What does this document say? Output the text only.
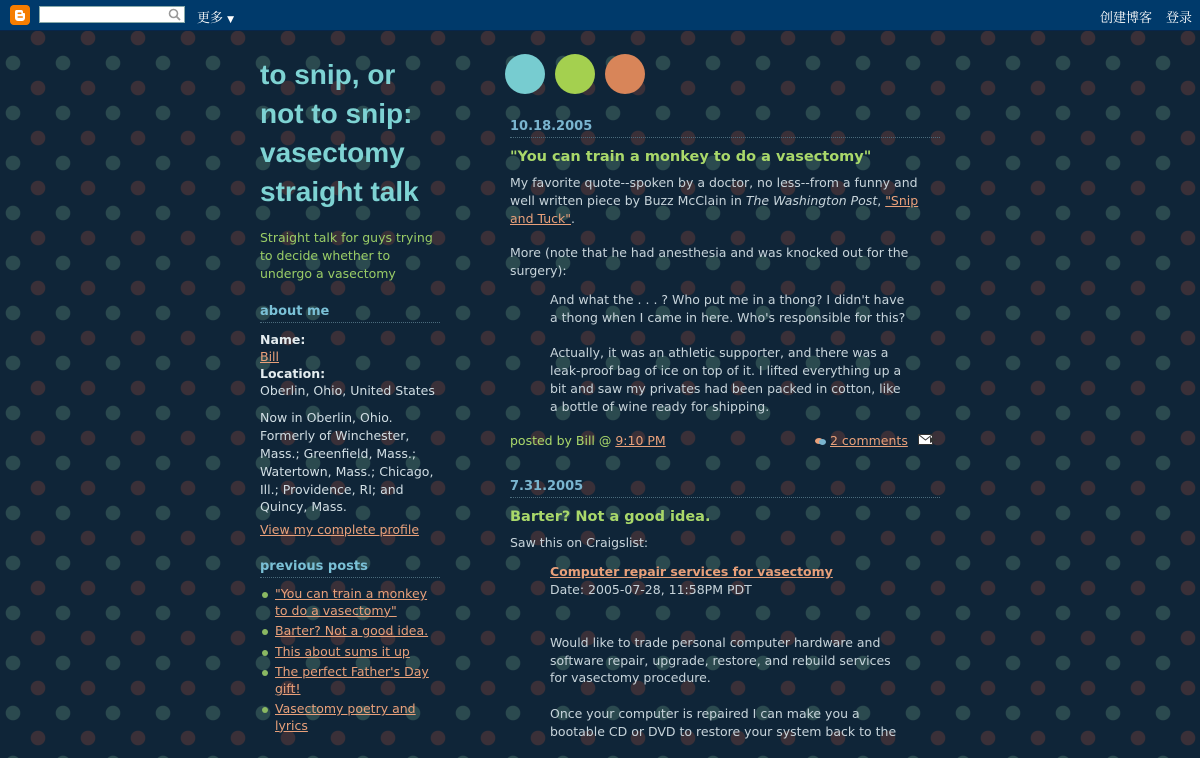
更多 ▼	创建博客 登录
to snip, or not to snip: vasectomy straight talk
Straight talk for guys trying to decide whether to undergo a vasectomy
about me
Name:
Bill
Location:
Oberlin, Ohio, United States
Now in Oberlin, Ohio. Formerly of Winchester, Mass.; Greenfield, Mass.; Watertown, Mass.; Chicago, Ill.; Providence, RI; and Quincy, Mass.
View my complete profile
previous posts
"You can train a monkey to do a vasectomy"
Barter? Not a good idea.
This about sums it up
The perfect Father's Day gift!
Vasectomy poetry and lyrics
10.18.2005
"You can train a monkey to do a vasectomy"
My favorite quote--spoken by a doctor, no less--from a funny and well written piece by Buzz McClain in The Washington Post, "Snip and Tuck".
More (note that he had anesthesia and was knocked out for the surgery):

And what the . . . ? Who put me in a thong? I didn't have a thong when I came in here. Who's responsible for this?

Actually, it was an athletic supporter, and there was a leak-proof bag of ice on top of it. I lifted everything up a bit and saw my privates had been packed in cotton, like a bottle of wine ready for shipping.

posted by Bill @ 9:10 PM	2 comments
7.31.2005
Barter? Not a good idea.
Saw this on Craigslist:
Computer repair services for vasectomy
Date: 2005-07-28, 11:58PM PDT

Would like to trade personal computer hardware and software repair, upgrade, restore, and rebuild services for vasectomy procedure.

Once your computer is repaired I can make you a bootable CD or DVD to restore your system back to the
